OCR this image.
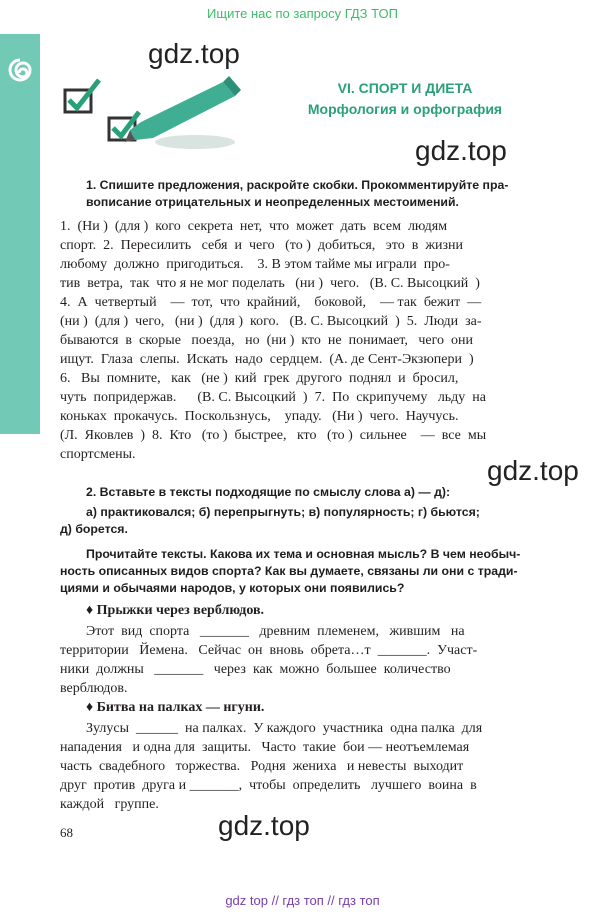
Ищите нас по запросу ГДЗ ТОП
gdz.top
gdz.top
gdz.top
gdz.top
VI. СПОРТ И ДИЕТА
Морфология и орфография
1. Спишите предложения, раскройте скобки. Прокомментируйте пра-
вописание отрицательных и неопределенных местоимений.
1.  (Ни )  (для )  кого  секрета  нет,  что  может  дать  всем  людям
спорт.  2.  Пересилить   себя  и  чего   (то )  добиться,   это  в  жизни
любому  должно  пригодиться.    3. В этом тайме мы играли  про-
тив  ветра,  так  что я не мог поделать   (ни )  чего.   (В. С. Высоцкий  )
4.  А  четвертый    —  тот,  что  крайний,    боковой,    — так  бежит  —
(ни )  (для )  чего,   (ни )  (для )  кого.   (В. С. Высоцкий  )  5.  Люди  за-
бываются  в  скорые   поезда,   но  (ни )  кто  не  понимает,   чего  они
ищут.  Глаза  слепы.  Искать  надо  сердцем.  (А. де Сент-Экзюпери  )
6.   Вы  помните,   как   (не )  кий  грек  другого  поднял  и  бросил,
чуть  попридержав.      (В. С. Высоцкий  )  7.  По  скрипучему   льду  на
коньках  прокачусь.  Поскользнусь,    упаду.   (Ни )  чего.  Научусь.
(Л.  Яковлев  )  8.  Кто   (то )  быстрее,   кто   (то )  сильнее    —  все  мы
спортсмены.
2. Вставьте в тексты подходящие по смыслу слова а) — д):
а) практиковался; б) перепрыгнуть; в) популярность; г) бьются;
д) борется.
Прочитайте тексты. Какова их тема и основная мысль? В чем необыч-
ность описанных видов спорта? Как вы думаете, связаны ли они с тради-
циями и обычаями народов, у которых они появились?
♦ Прыжки через верблюдов.
Этот  вид  спорта   _______   древним  племенем,   жившим   на
территории   Йемена.   Сейчас  он  вновь  обрета…т  _______.  Участ-
ники  должны   _______   через  как  можно  большее  количество
верблюдов.
♦ Битва на палках — нгуни.
Зулусы  ______  на палках.  У каждого  участника  одна палка  для
нападения   и одна для  защиты.   Часто  такие  бои — неотъемлемая
часть  свадебного   торжества.   Родня  жениха   и невесты  выходит
друг  против  друга и _______,  чтобы  определить   лучшего  воина  в
каждой   группе.
68
gdz top // гдз топ // гдз топ
